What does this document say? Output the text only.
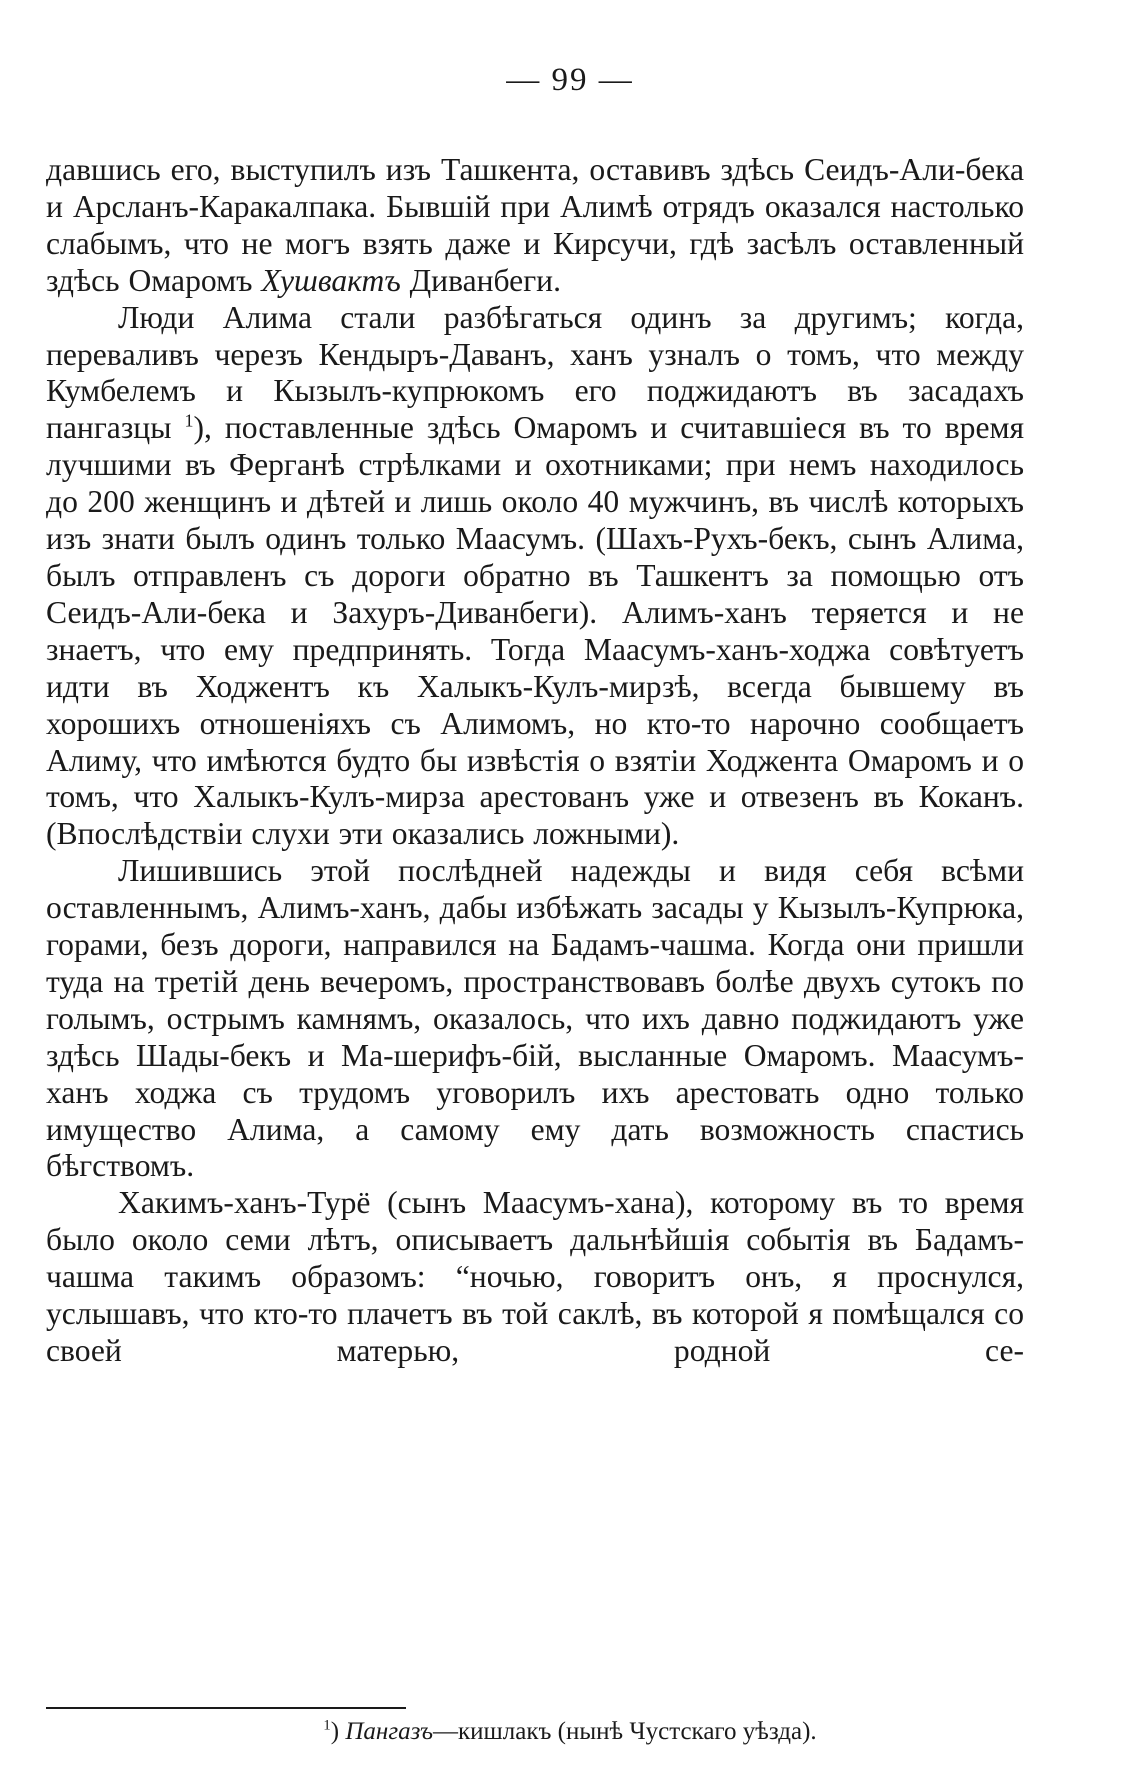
— 99 —

давшись его, выступилъ изъ Ташкента, оставивъ здѣсь Сеидъ-Али-бека и Арсланъ-Каракалпака. Бывшій при Алимѣ отрядъ оказался настолько слабымъ, что не могъ взять даже и Кирсучи, гдѣ засѣлъ оставленный здѣсь Омаромъ Хушвактъ Диванбеги.

Люди Алима стали разбѣгаться одинъ за другимъ; когда, перевaливъ черезъ Кендыръ-Даванъ, ханъ узналъ о томъ, что между Кумбелемъ и Кызылъ-купрюкомъ его поджидаютъ въ засадахъ пангазцы $^1$), поставленные здѣсь Омаромъ и считавшіеся въ то время лучшими въ Ферганѣ стрѣлками и охотниками; при немъ находилось до 200 женщинъ и дѣтей и лишь около 40 мужчинъ, въ числѣ которыхъ изъ знати былъ одинъ только Маасумъ. (Шахъ-Рухъ-бекъ, сынъ Алима, былъ отправленъ съ дороги обратно въ Ташкентъ за помощью отъ Сеидъ-Али-бека и Захуръ-Диванбеги). Алимъ-ханъ теряется и не знаетъ, что ему предпринять. Тогда Маасумъ-ханъ-ходжа совѣтуетъ идти въ Ходжентъ къ Халыкъ-Кулъ-мирзѣ, всегда бывшему въ хорошихъ отношеніяхъ съ Алимомъ, но кто-то нарочно сообщаетъ Алиму, что имѣются будто бы извѣстія о взятіи Ходжента Омаромъ и о томъ, что Халыкъ-Кулъ-мирза арестованъ уже и отвезенъ въ Коканъ. (Впослѣдствіи слухи эти оказались ложными).

Лишившись этой послѣдней надежды и видя себя всѣми оставленнымъ, Алимъ-ханъ, дабы избѣжать засады у Кызылъ-Купрюка, горами, безъ дороги, направился на Бадамъ-чашма. Когда они пришли туда на третій день вечеромъ, пространствовавъ болѣе двухъ сутокъ по голымъ, острымъ камнямъ, оказалось, что ихъ давно поджидаютъ уже здѣсь Шады-бекъ и Ма-шерифъ-бій, высланные Омаромъ. Маасумъ-ханъ ходжа съ трудомъ уговорилъ ихъ арестовать одно только имущество Алима, а самому ему дать возможность спастись бѣгствомъ.

Хакимъ-ханъ-Турё (сынъ Маасумъ-хана), которому въ то время было около семи лѣтъ, описываетъ дальнѣйшія событія въ Бадамъ-чашма такимъ образомъ: “ночью, говоритъ онъ, я проснулся, услышавъ, что кто-то плачетъ въ той саклѣ, въ которой я помѣщался со своей матерью, родной се-

$^1$) Пангазъ—кишлакъ (нынѣ Чустскаго уѣзда).
